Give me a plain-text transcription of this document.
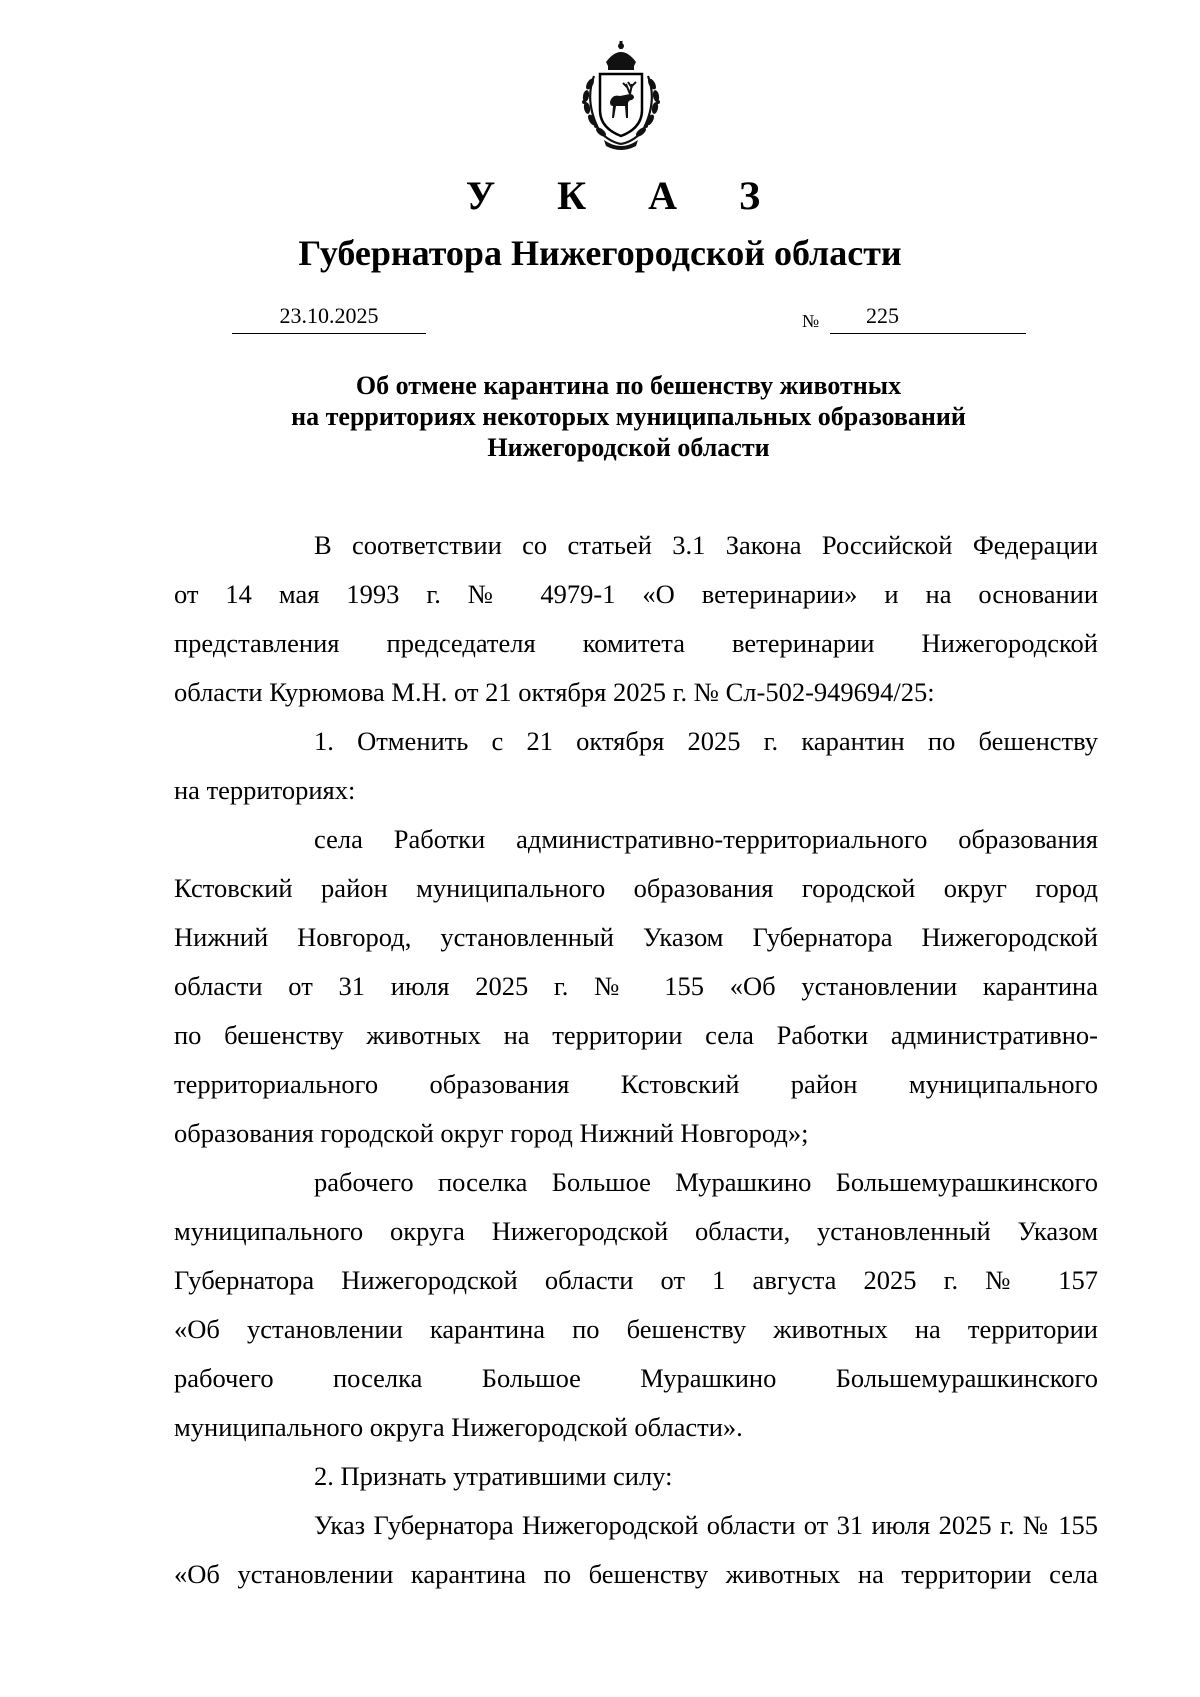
У К А З
Губернатора Нижегородской области
23.10.2025	№	225
Об отмене карантина по бешенству животных
на территориях некоторых муниципальных образований
Нижегородской области
В соответствии со статьей 3.1 Закона Российской Федерации
от 14 мая 1993 г. № 4979-1 «О ветеринарии» и на основании
представления председателя комитета ветеринарии Нижегородской
области Курюмова М.Н. от 21 октября 2025 г. № Сл-502-949694/25:
1. Отменить с 21 октября 2025 г. карантин по бешенству
на территориях:
села Работки административно-территориального образования
Кстовский район муниципального образования городской округ город
Нижний Новгород, установленный Указом Губернатора Нижегородской
области от 31 июля 2025 г. № 155 «Об установлении карантина
по бешенству животных на территории села Работки административно-
территориального образования Кстовский район муниципального
образования городской округ город Нижний Новгород»;
рабочего поселка Большое Мурашкино Большемурашкинского
муниципального округа Нижегородской области, установленный Указом
Губернатора Нижегородской области от 1 августа 2025 г. № 157
«Об установлении карантина по бешенству животных на территории
рабочего поселка Большое Мурашкино Большемурашкинского
муниципального округа Нижегородской области».
2. Признать утратившими силу:
Указ Губернатора Нижегородской области от 31 июля 2025 г. № 155
«Об установлении карантина по бешенству животных на территории села
